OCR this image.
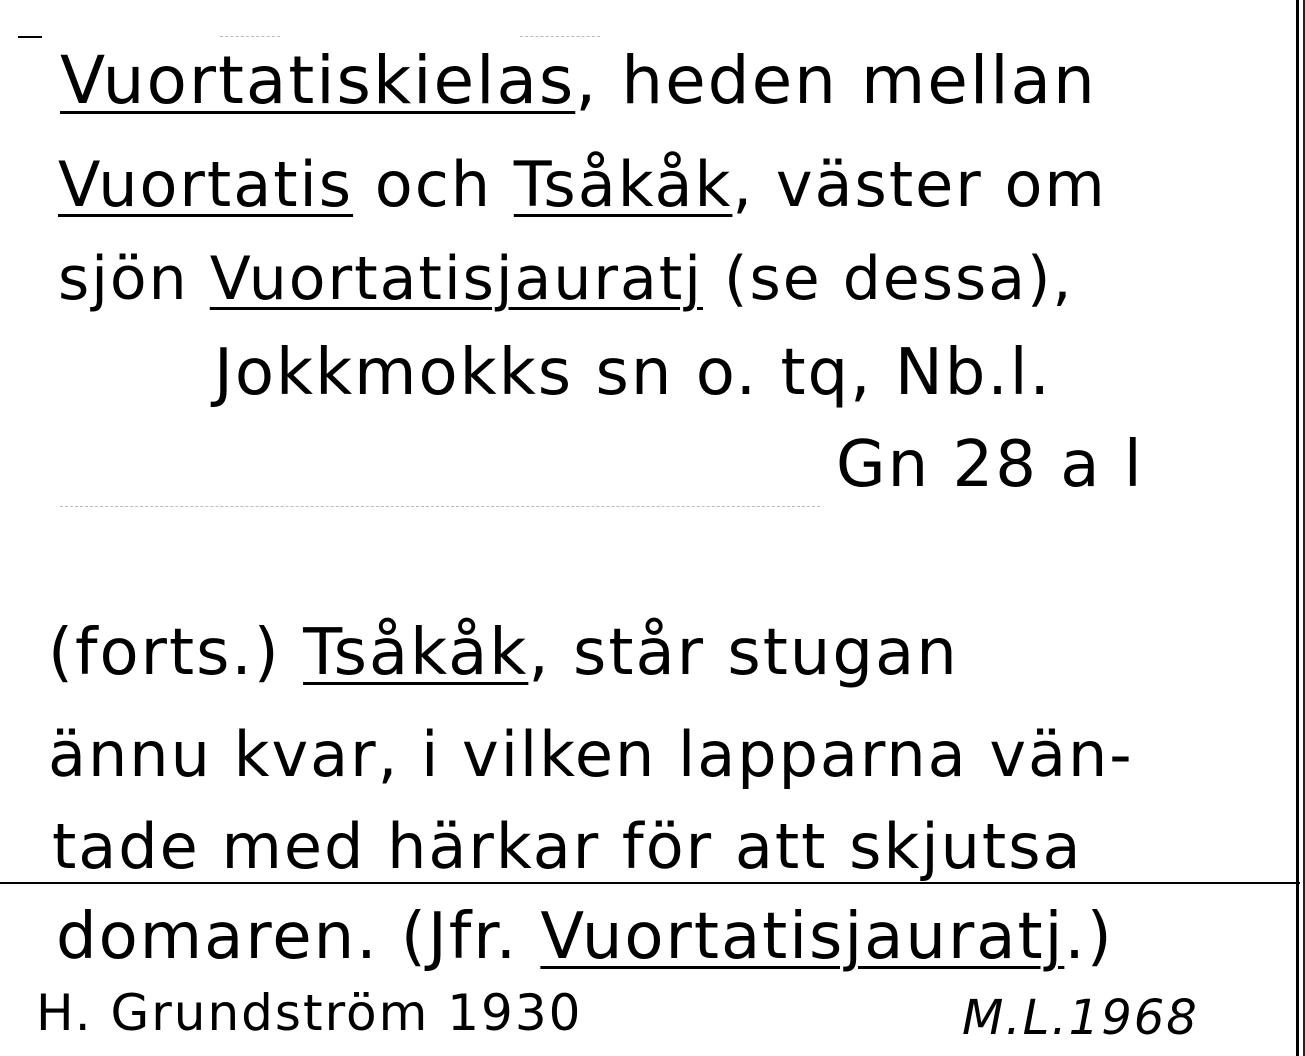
Vuortatiskielas, heden mellan
Vuortatis och Tsåkåk, väster om
sjön Vuortatisjauratj (se dessa),
Jokkmokks sn o. tq, Nb.l.
Gn 28 a l
(forts.) Tsåkåk, står stugan
ännu kvar, i vilken lapparna vän-
tade med härkar för att skjutsa
domaren. (Jfr. Vuortatisjauratj.)
H. Grundström 1930	M.L.1968
